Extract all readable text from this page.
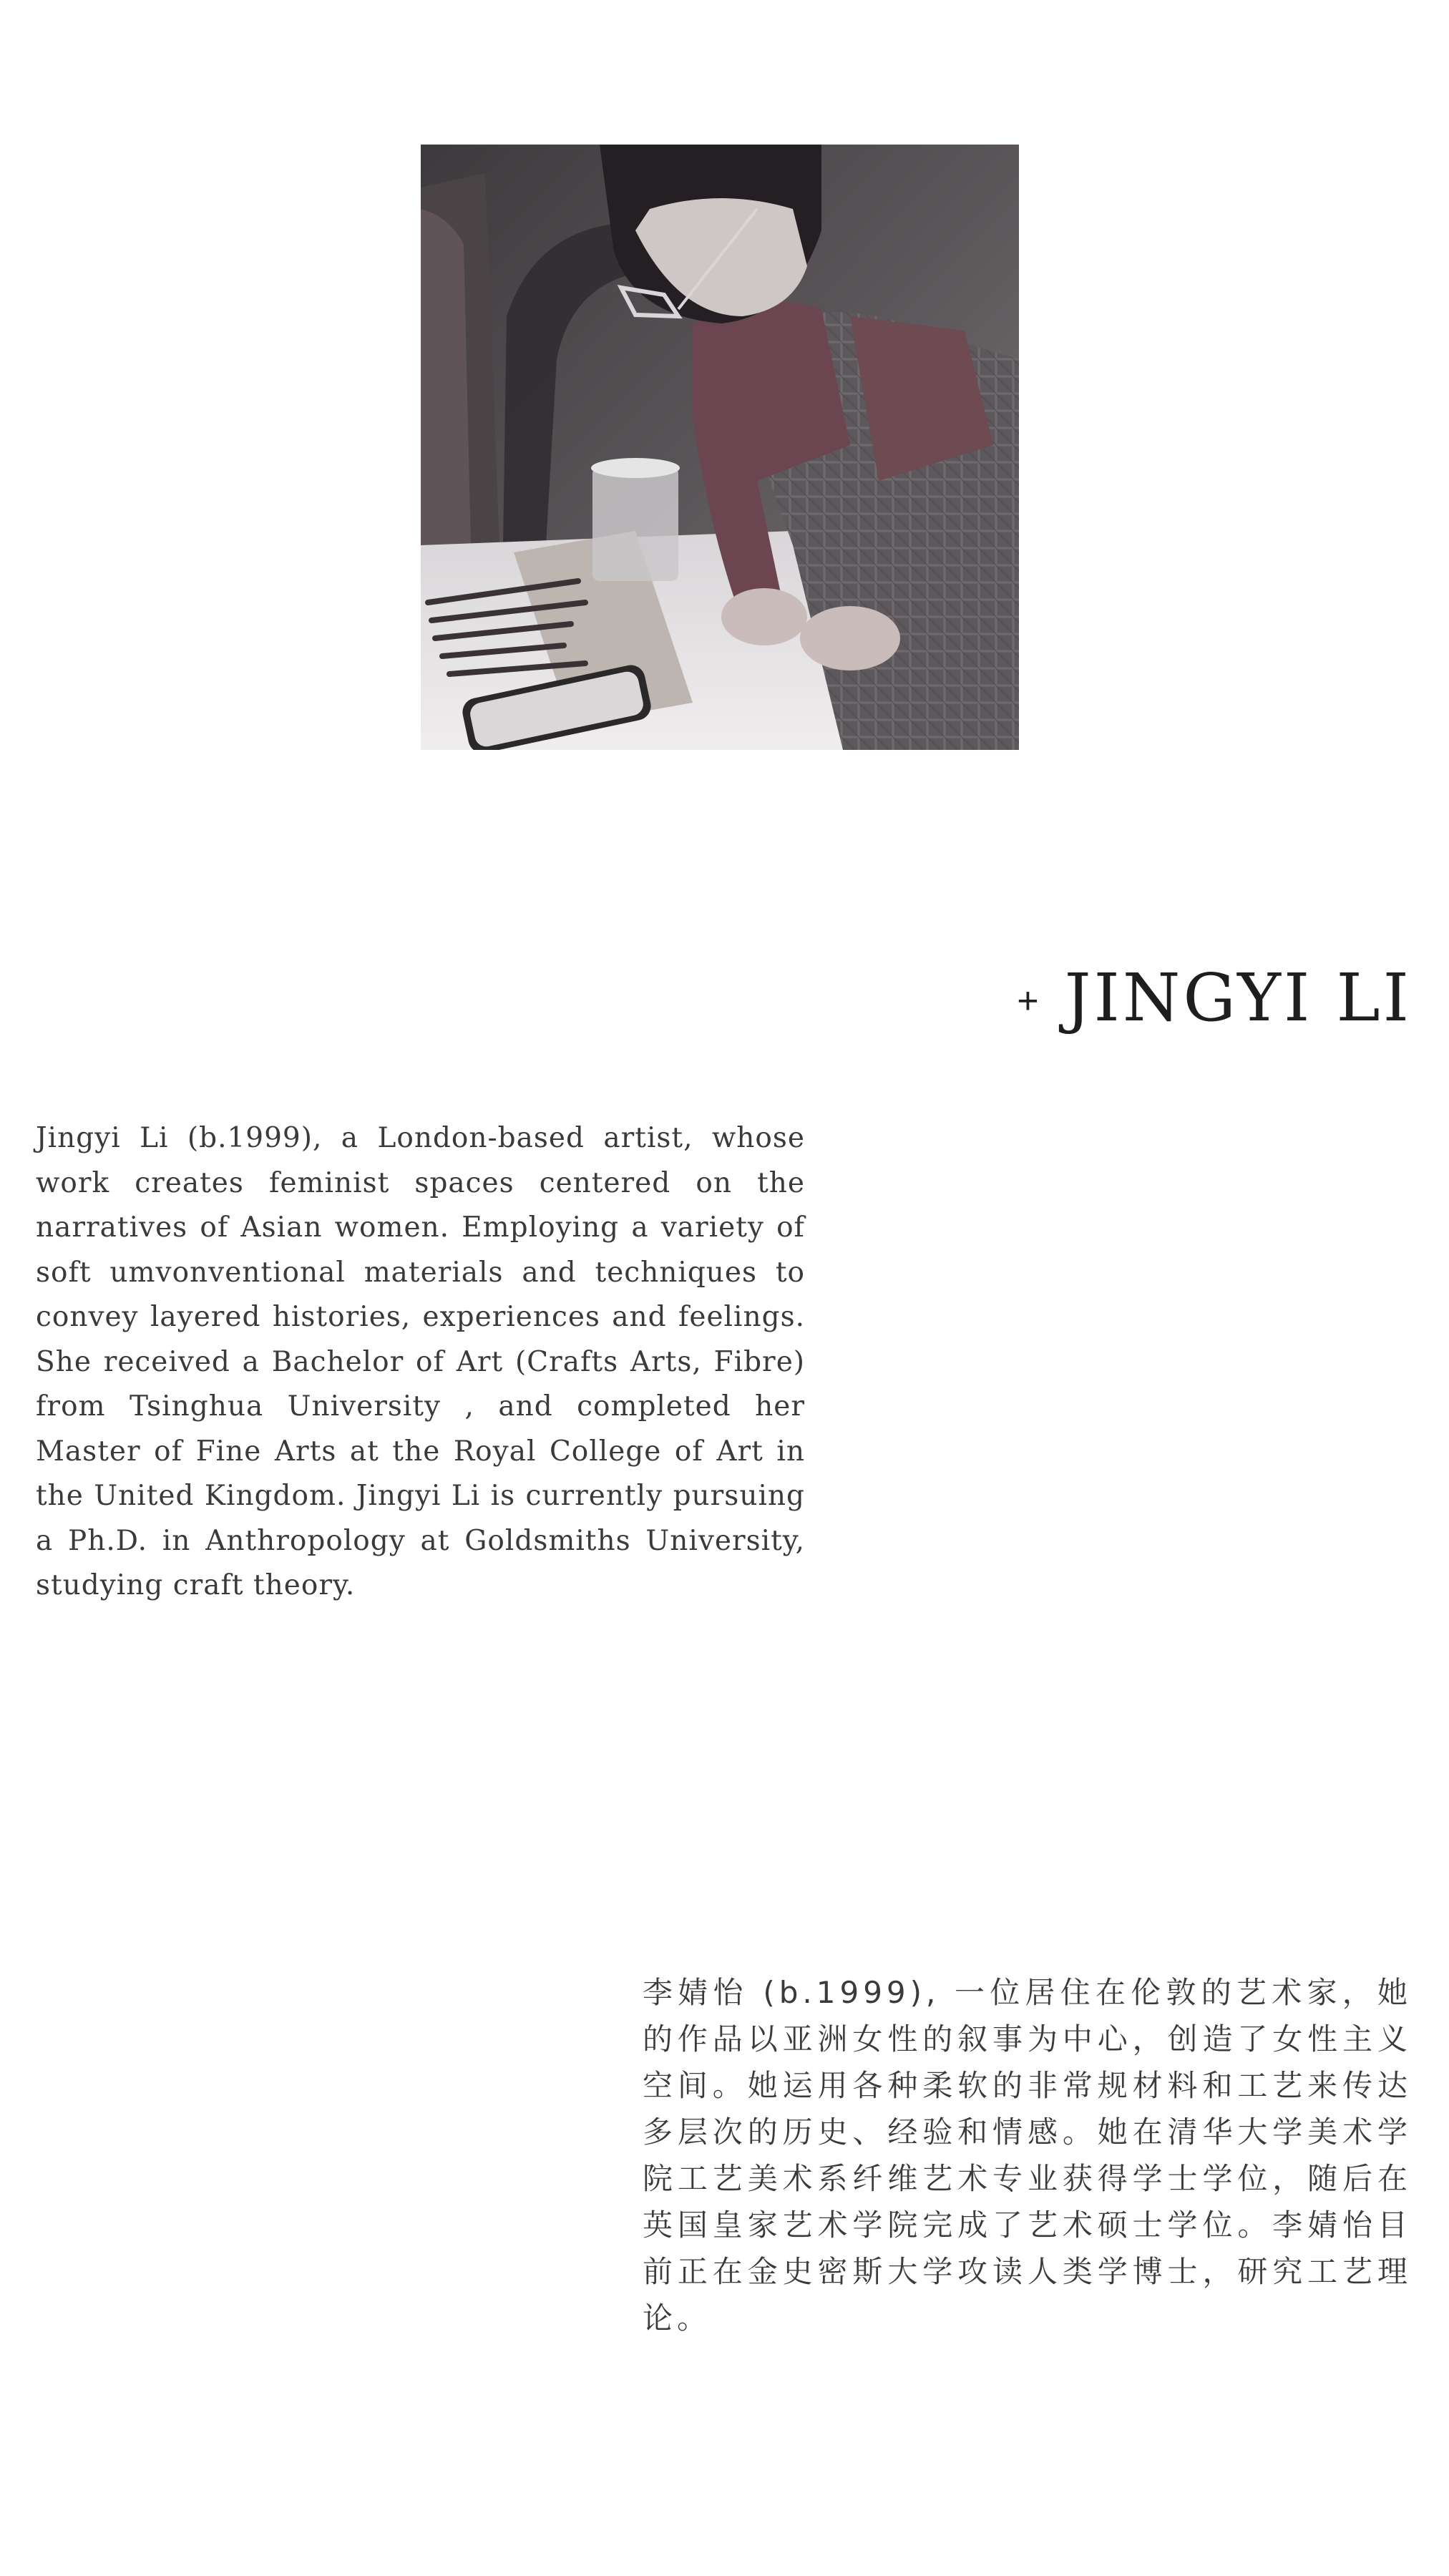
+ JINGYI LI

Jingyi Li (b.1999), a London-based artist, whose work creates feminist spaces centered on the narratives of Asian women. Employing a variety of soft umvonventional materials and techniques to convey layered histories, experiences and feelings. She received a Bachelor of Art (Crafts Arts, Fibre) from Tsinghua University , and completed her Master of Fine Arts at the Royal College of Art in the United Kingdom. Jingyi Li is currently pursuing a Ph.D. in Anthropology at Goldsmiths University, studying craft theory.

李婧怡 (b.1999), 一位居住在伦敦的艺术家，她的作品以亚洲女性的叙事为中心，创造了女性主义空间。她运用各种柔软的非常规材料和工艺来传达多层次的历史、经验和情感。她在清华大学美术学院工艺美术系纤维艺术专业获得学士学位，随后在英国皇家艺术学院完成了艺术硕士学位。李婧怡目前正在金史密斯大学攻读人类学博士，研究工艺理论。
